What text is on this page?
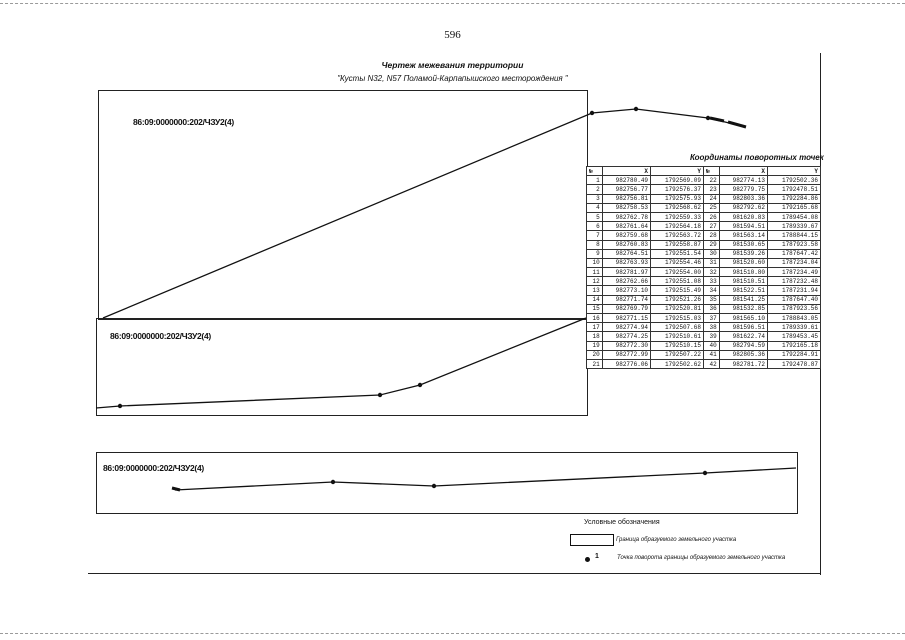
596
Чертеж межевания территории
"Кусты N32, N57 Поламой-Карпапышского месторождения "
86:09:0000000:202/ЧЗУ2(4)
86:09:0000000:202/ЧЗУ2(4)
86:09:0000000:202/ЧЗУ2(4)
Координаты поворотных точек
№	X	Y	№	X	Y
1	982780.49	1792569.09	22	982774.13	1792502.36
2	982756.77	1792576.37	23	982779.75	1792478.51
3	982756.81	1792575.93	24	982803.36	1792284.86
4	982758.53	1792568.62	25	982792.62	1792165.68
5	982762.78	1792559.33	26	981620.83	1789454.08
6	982761.64	1792564.18	27	981594.51	1789339.67
7	982759.68	1792563.72	28	981563.14	1788844.15
8	982760.83	1792558.87	29	981530.65	1787923.58
9	982764.51	1792551.54	30	981539.26	1787647.42
10	982763.93	1792554.46	31	981520.60	1787234.04
11	982781.97	1792554.00	32	981510.80	1787234.49
12	982762.66	1792551.08	33	981510.51	1787232.48
13	982773.10	1792515.49	34	981522.51	1787231.94
14	982771.74	1792521.26	35	981541.25	1787647.40
15	982769.79	1792520.81	36	981532.85	1787923.56
16	982771.15	1792515.03	37	981565.10	1788843.05
17	982774.94	1792507.68	38	981596.51	1789339.61
18	982774.25	1792510.61	39	981622.74	1789453.45
19	982772.30	1792510.15	40	982794.59	1792165.18
20	982772.99	1792507.22	41	982805.36	1792284.91
21	982776.06	1792502.62	42	982781.72	1792478.87
Условные обозначения
Граница образуемого земельного участка
1	Точка поворота границы образуемого земельного участка
